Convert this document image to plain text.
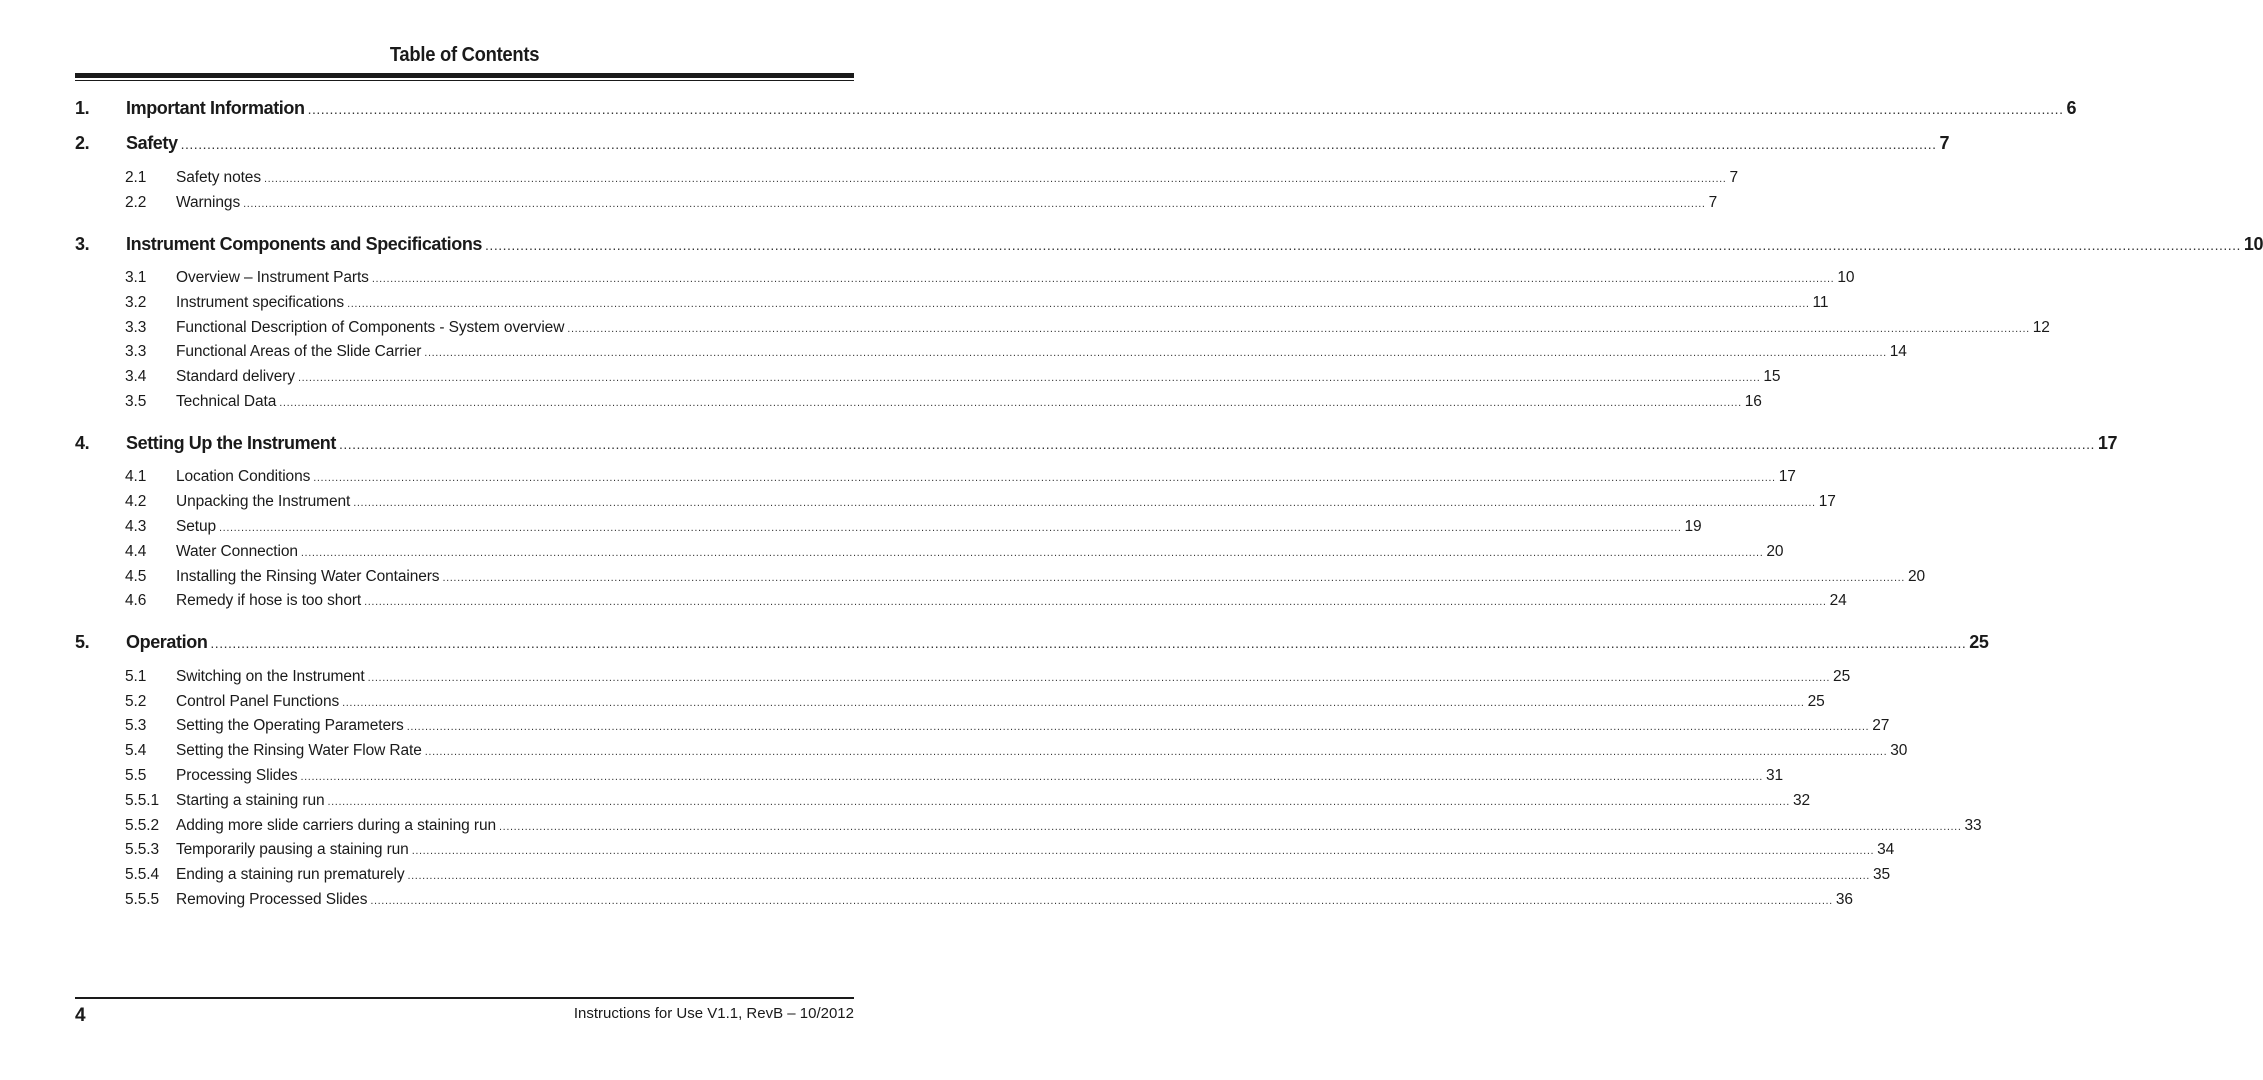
Table of Contents
1.	Important Information ................................................................................................................................................................................................................................................................................................................................................................................................................ 6
2.	Safety ................................................................................................................................................................................................................................................................................................................................................................................................................ 7
2.1	Safety notes ................................................................................................................................................................................................................................................................................................................................................................................................................ 7
2.2	Warnings ................................................................................................................................................................................................................................................................................................................................................................................................................ 7
3.	Instrument Components and Specifications ................................................................................................................................................................................................................................................................................................................................................................................................................ 10
3.1	Overview – Instrument Parts ................................................................................................................................................................................................................................................................................................................................................................................................................ 10
3.2	Instrument specifications ................................................................................................................................................................................................................................................................................................................................................................................................................ 11
3.3	Functional Description of Components - System overview ................................................................................................................................................................................................................................................................................................................................................................................................................ 12
3.3	Functional Areas of the Slide Carrier ................................................................................................................................................................................................................................................................................................................................................................................................................ 14
3.4	Standard delivery ................................................................................................................................................................................................................................................................................................................................................................................................................ 15
3.5	Technical Data ................................................................................................................................................................................................................................................................................................................................................................................................................ 16
4.	Setting Up the Instrument ................................................................................................................................................................................................................................................................................................................................................................................................................ 17
4.1	Location Conditions ................................................................................................................................................................................................................................................................................................................................................................................................................ 17
4.2	Unpacking the Instrument ................................................................................................................................................................................................................................................................................................................................................................................................................ 17
4.3	Setup ................................................................................................................................................................................................................................................................................................................................................................................................................ 19
4.4	Water Connection ................................................................................................................................................................................................................................................................................................................................................................................................................ 20
4.5	Installing the Rinsing Water Containers ................................................................................................................................................................................................................................................................................................................................................................................................................ 20
4.6	Remedy if hose is too short ................................................................................................................................................................................................................................................................................................................................................................................................................ 24
5.	Operation ................................................................................................................................................................................................................................................................................................................................................................................................................ 25
5.1	Switching on the Instrument ................................................................................................................................................................................................................................................................................................................................................................................................................ 25
5.2	Control Panel Functions ................................................................................................................................................................................................................................................................................................................................................................................................................ 25
5.3	Setting the Operating Parameters ................................................................................................................................................................................................................................................................................................................................................................................................................ 27
5.4	Setting the Rinsing Water Flow Rate ................................................................................................................................................................................................................................................................................................................................................................................................................ 30
5.5	Processing Slides ................................................................................................................................................................................................................................................................................................................................................................................................................ 31
5.5.1	Starting a staining run ................................................................................................................................................................................................................................................................................................................................................................................................................ 32
5.5.2	Adding more slide carriers during a staining run ................................................................................................................................................................................................................................................................................................................................................................................................................ 33
5.5.3	Temporarily pausing a staining run ................................................................................................................................................................................................................................................................................................................................................................................................................ 34
5.5.4	Ending a staining run prematurely ................................................................................................................................................................................................................................................................................................................................................................................................................ 35
5.5.5	Removing Processed Slides ................................................................................................................................................................................................................................................................................................................................................................................................................ 36
4	Instructions for Use V1.1, RevB – 10/2012
